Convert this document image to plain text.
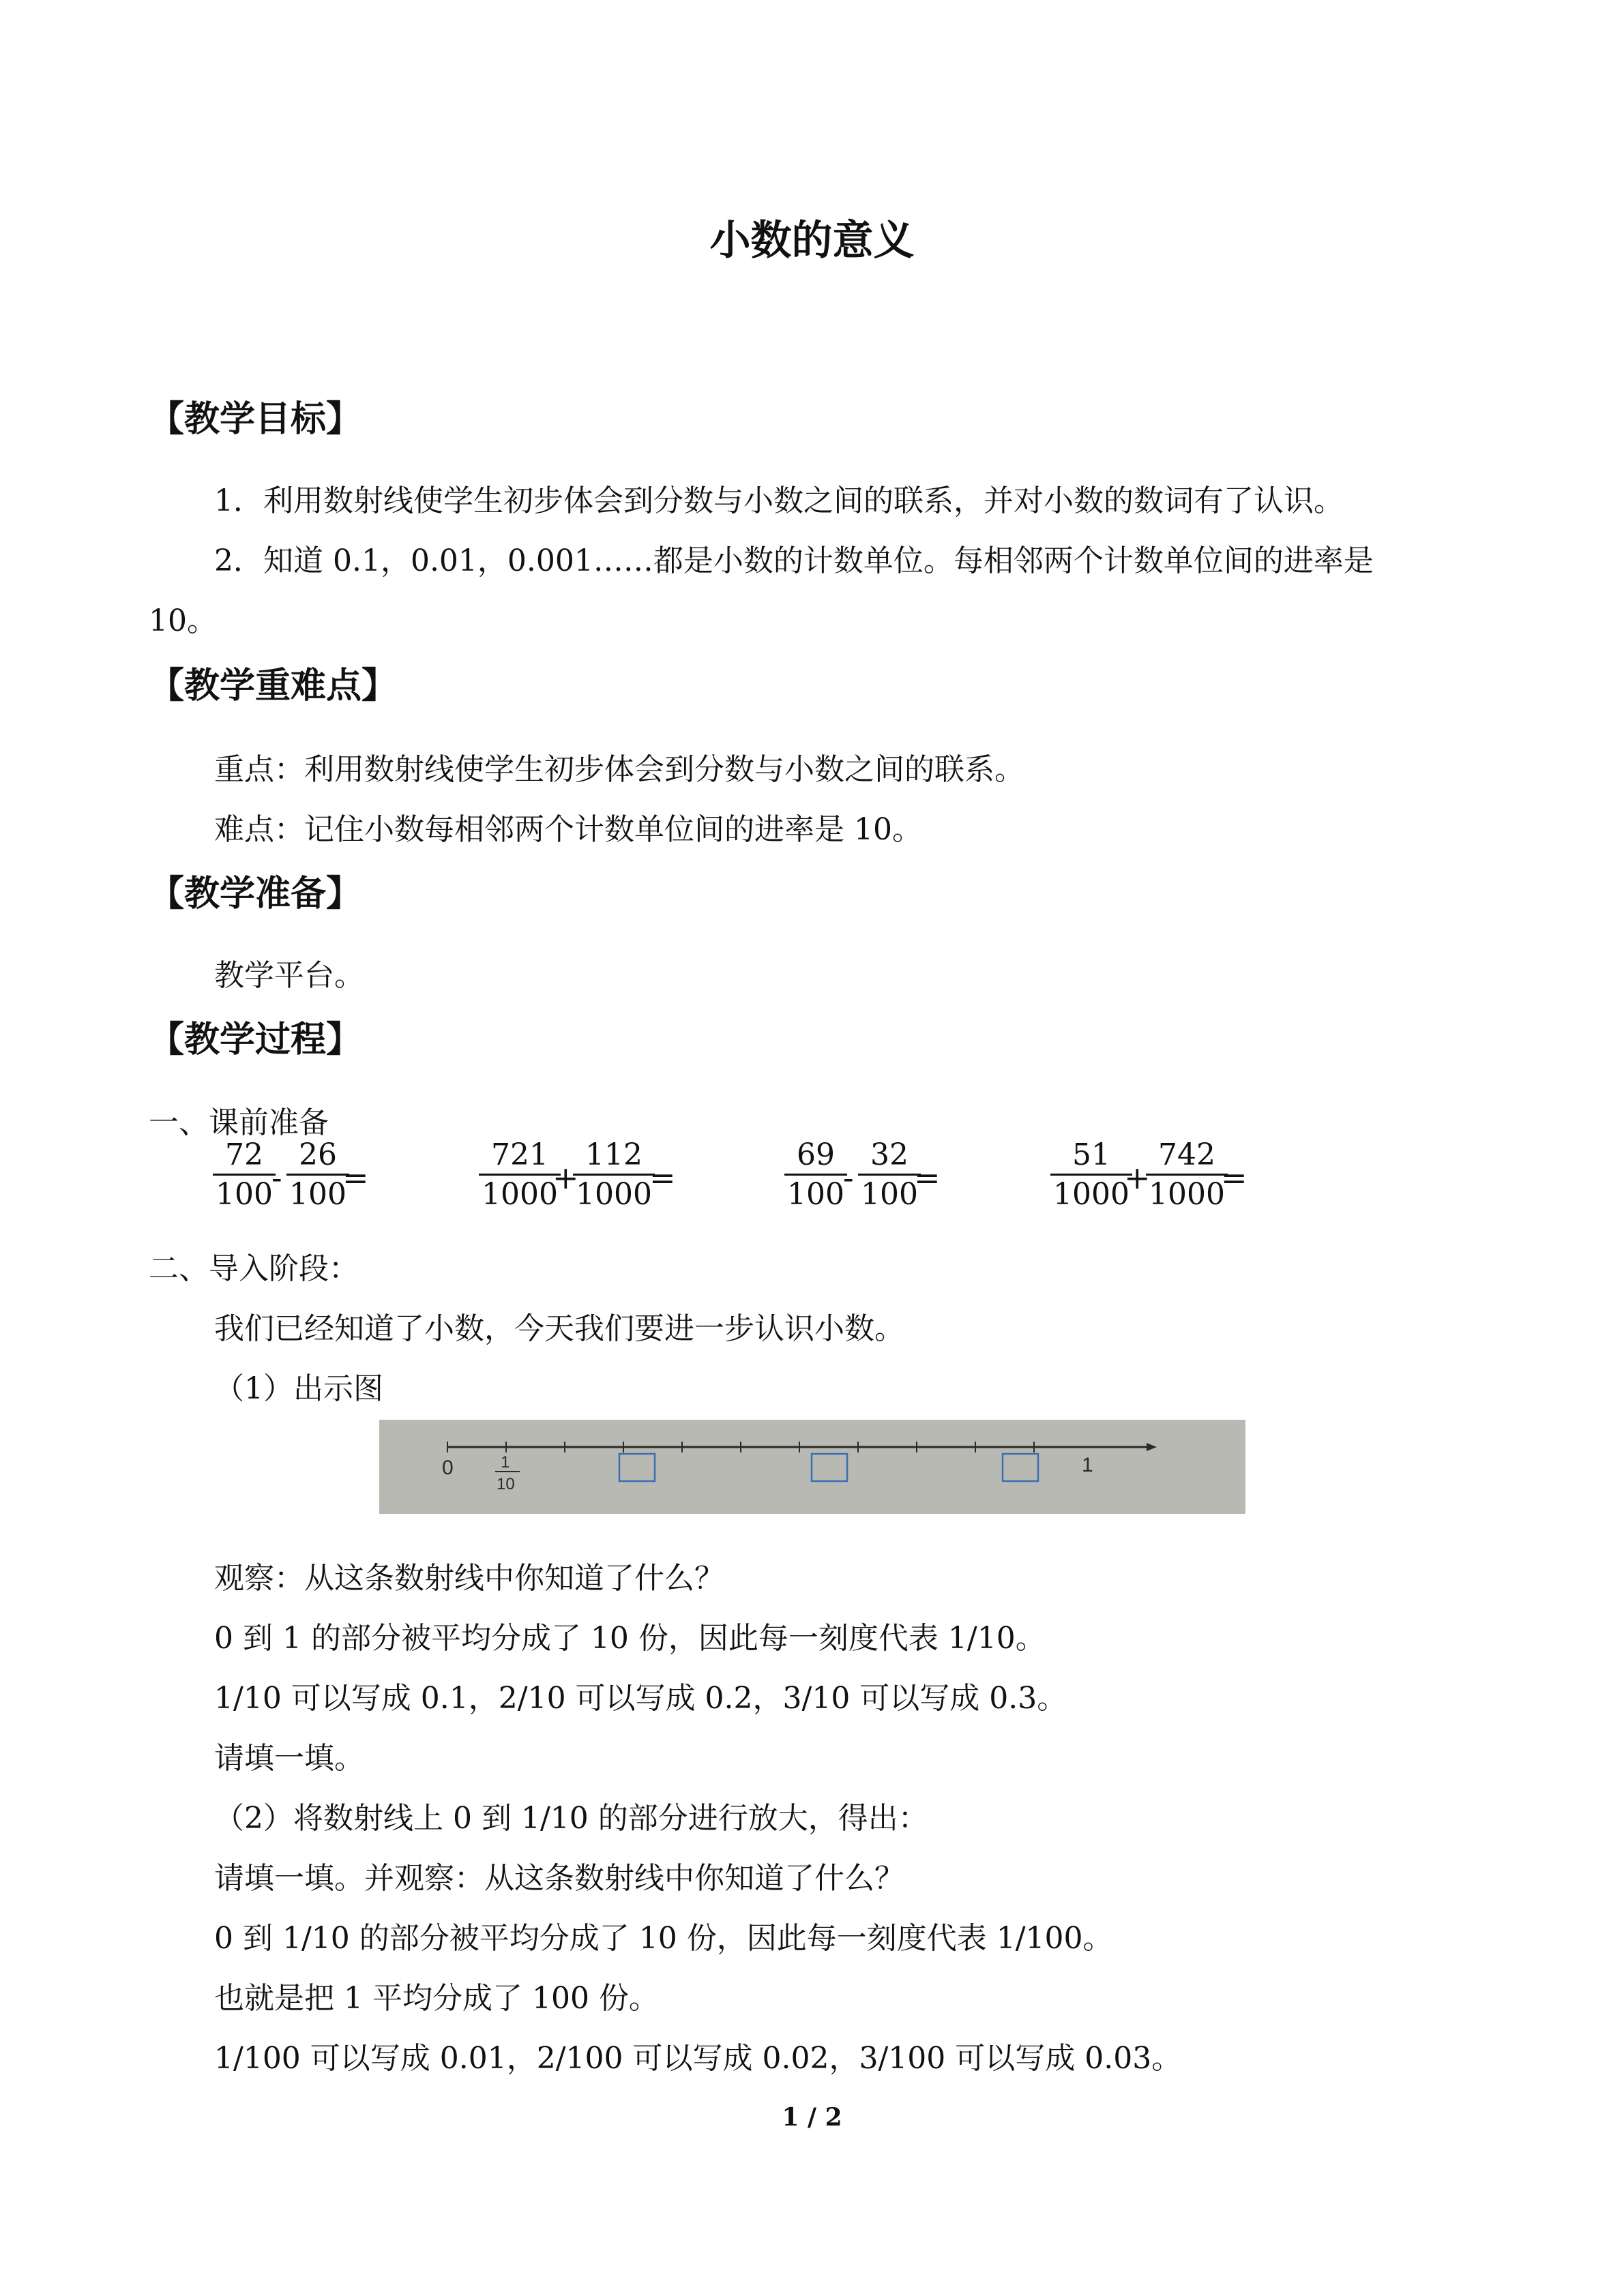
小数的意义
【教学目标】
1．利用数射线使学生初步体会到分数与小数之间的联系，并对小数的数词有了认识。
2．知道 0.1，0.01，0.001……都是小数的计数单位。每相邻两个计数单位间的进率是
10。
【教学重难点】
重点：利用数射线使学生初步体会到分数与小数之间的联系。
难点：记住小数每相邻两个计数单位间的进率是 10。
【教学准备】
教学平台。
【教学过程】
一、课前准备
72
100
-
26
100
=
721
1000
+
112
1000
=
69
100
-
32
100
=
51
1000
+
742
1000
=
二、导入阶段：
我们已经知道了小数，今天我们要进一步认识小数。
（1）出示图
0	1
10
1
观察：从这条数射线中你知道了什么？
0 到 1 的部分被平均分成了 10 份，因此每一刻度代表 1/10。
1/10 可以写成 0.1，2/10 可以写成 0.2，3/10 可以写成 0.3。
请填一填。
（2）将数射线上 0 到 1/10 的部分进行放大，得出：
请填一填。并观察：从这条数射线中你知道了什么？
0 到 1/10 的部分被平均分成了 10 份，因此每一刻度代表 1/100。
也就是把 1 平均分成了 100 份。
1/100 可以写成 0.01，2/100 可以写成 0.02，3/100 可以写成 0.03。
1 / 2
